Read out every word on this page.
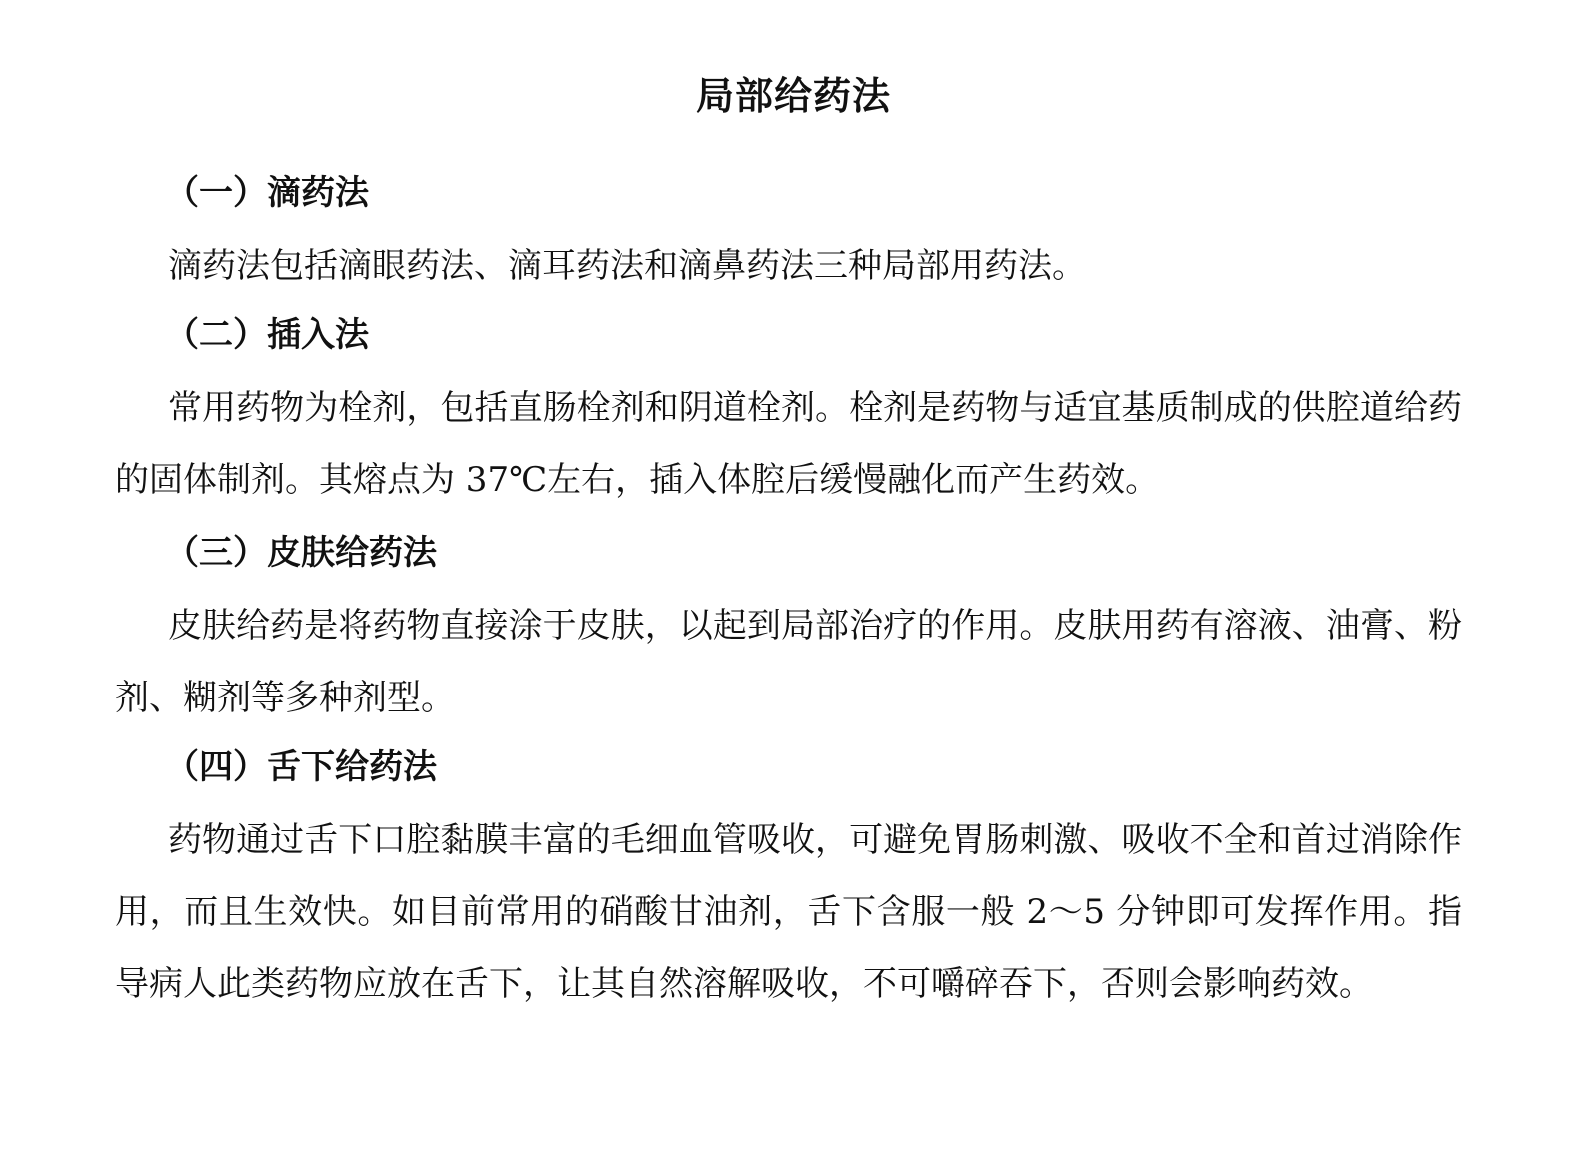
局部给药法
（一）滴药法

滴药法包括滴眼药法、滴耳药法和滴鼻药法三种局部用药法。

（二）插入法

常用药物为栓剂，包括直肠栓剂和阴道栓剂。栓剂是药物与适宜基质制成的供腔道给药的固体制剂。其熔点为 37℃左右，插入体腔后缓慢融化而产生药效。

（三）皮肤给药法

皮肤给药是将药物直接涂于皮肤，以起到局部治疗的作用。皮肤用药有溶液、油膏、粉剂、糊剂等多种剂型。

（四）舌下给药法

药物通过舌下口腔黏膜丰富的毛细血管吸收，可避免胃肠刺激、吸收不全和首过消除作用，而且生效快。如目前常用的硝酸甘油剂，舌下含服一般 2～5 分钟即可发挥作用。指导病人此类药物应放在舌下，让其自然溶解吸收，不可嚼碎吞下，否则会影响药效。
